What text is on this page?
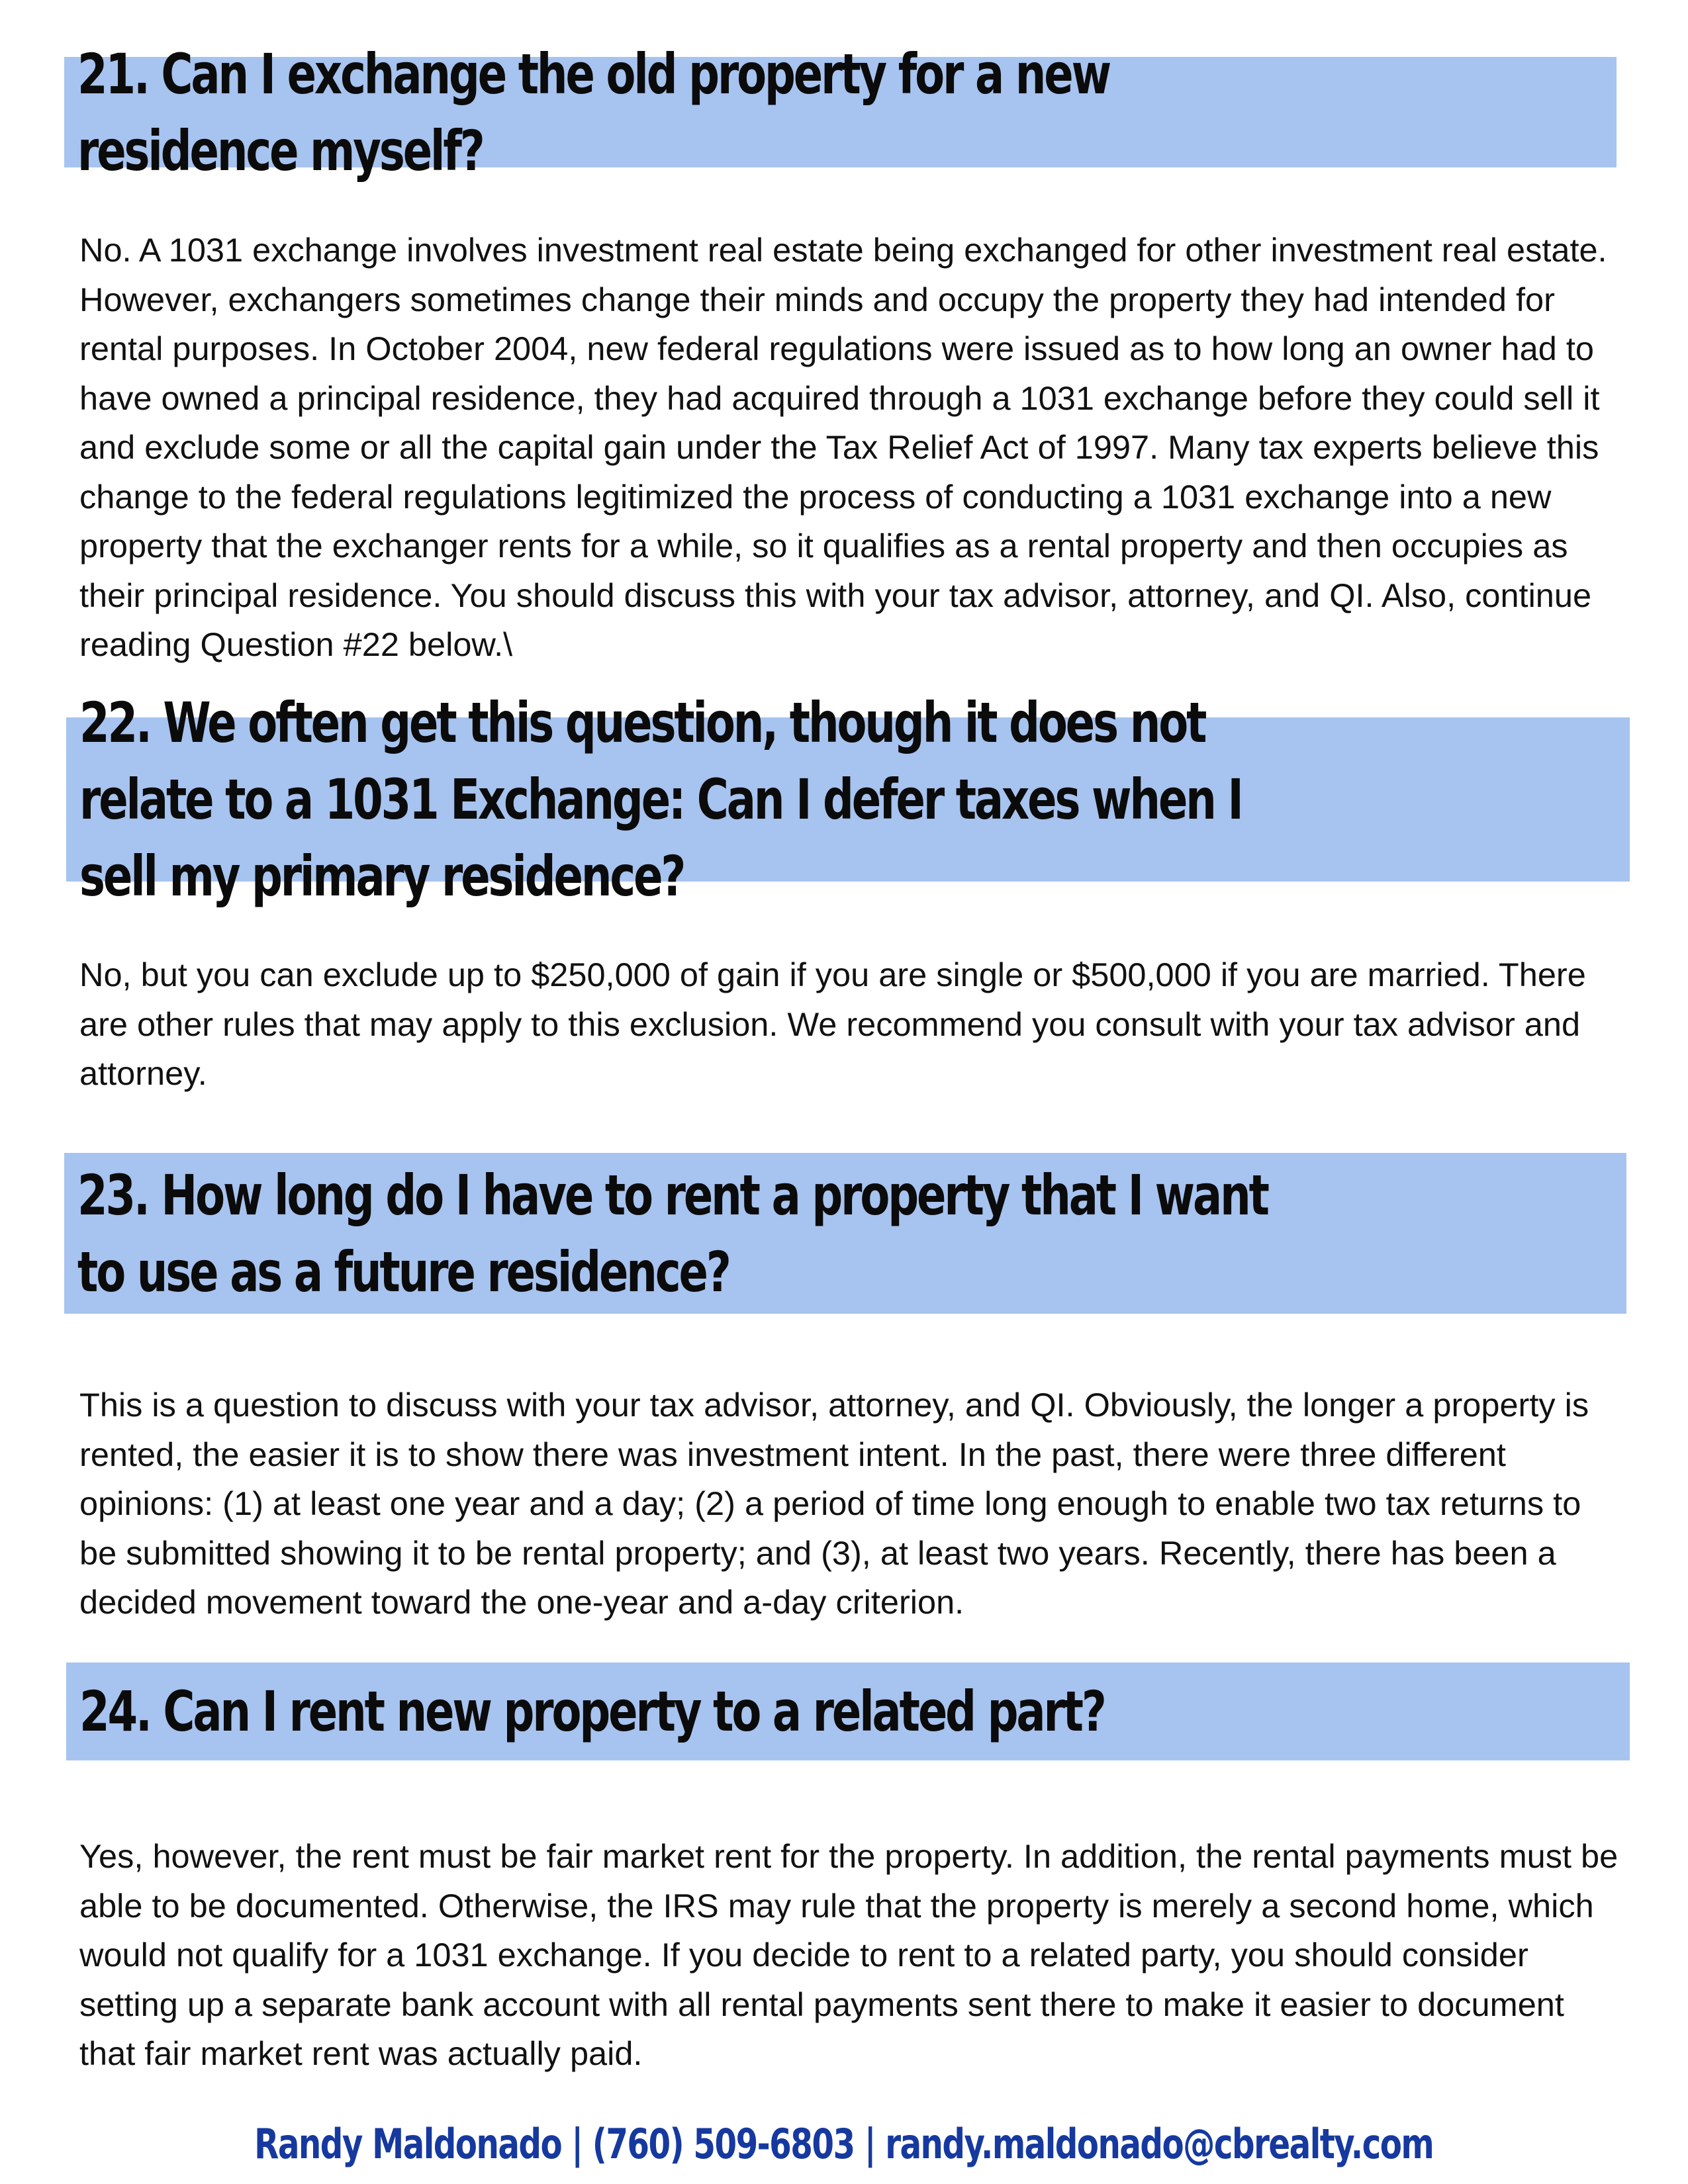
21. Can I exchange the old property for a new residence myself?

No. A 1031 exchange involves investment real estate being exchanged for other investment real estate. However, exchangers sometimes change their minds and occupy the property they had intended for rental purposes. In October 2004, new federal regulations were issued as to how long an owner had to have owned a principal residence, they had acquired through a 1031 exchange before they could sell it and exclude some or all the capital gain under the Tax Relief Act of 1997. Many tax experts believe this change to the federal regulations legitimized the process of conducting a 1031 exchange into a new property that the exchanger rents for a while, so it qualifies as a rental property and then occupies as their principal residence. You should discuss this with your tax advisor, attorney, and QI. Also, continue reading Question #22 below.\

22. We often get this question, though it does not relate to a 1031 Exchange: Can I defer taxes when I sell my primary residence?

No, but you can exclude up to $250,000 of gain if you are single or $500,000 if you are married. There are other rules that may apply to this exclusion. We recommend you consult with your tax advisor and attorney.

23. How long do I have to rent a property that I want to use as a future residence?

This is a question to discuss with your tax advisor, attorney, and QI. Obviously, the longer a property is rented, the easier it is to show there was investment intent. In the past, there were three different opinions: (1) at least one year and a day; (2) a period of time long enough to enable two tax returns to be submitted showing it to be rental property; and (3), at least two years. Recently, there has been a decided movement toward the one-year and a-day criterion.

24. Can I rent new property to a related part?

Yes, however, the rent must be fair market rent for the property. In addition, the rental payments must be able to be documented. Otherwise, the IRS may rule that the property is merely a second home, which would not qualify for a 1031 exchange. If you decide to rent to a related party, you should consider setting up a separate bank account with all rental payments sent there to make it easier to document that fair market rent was actually paid.

Randy Maldonado | (760) 509-6803 | randy.maldonado@cbrealty.com
